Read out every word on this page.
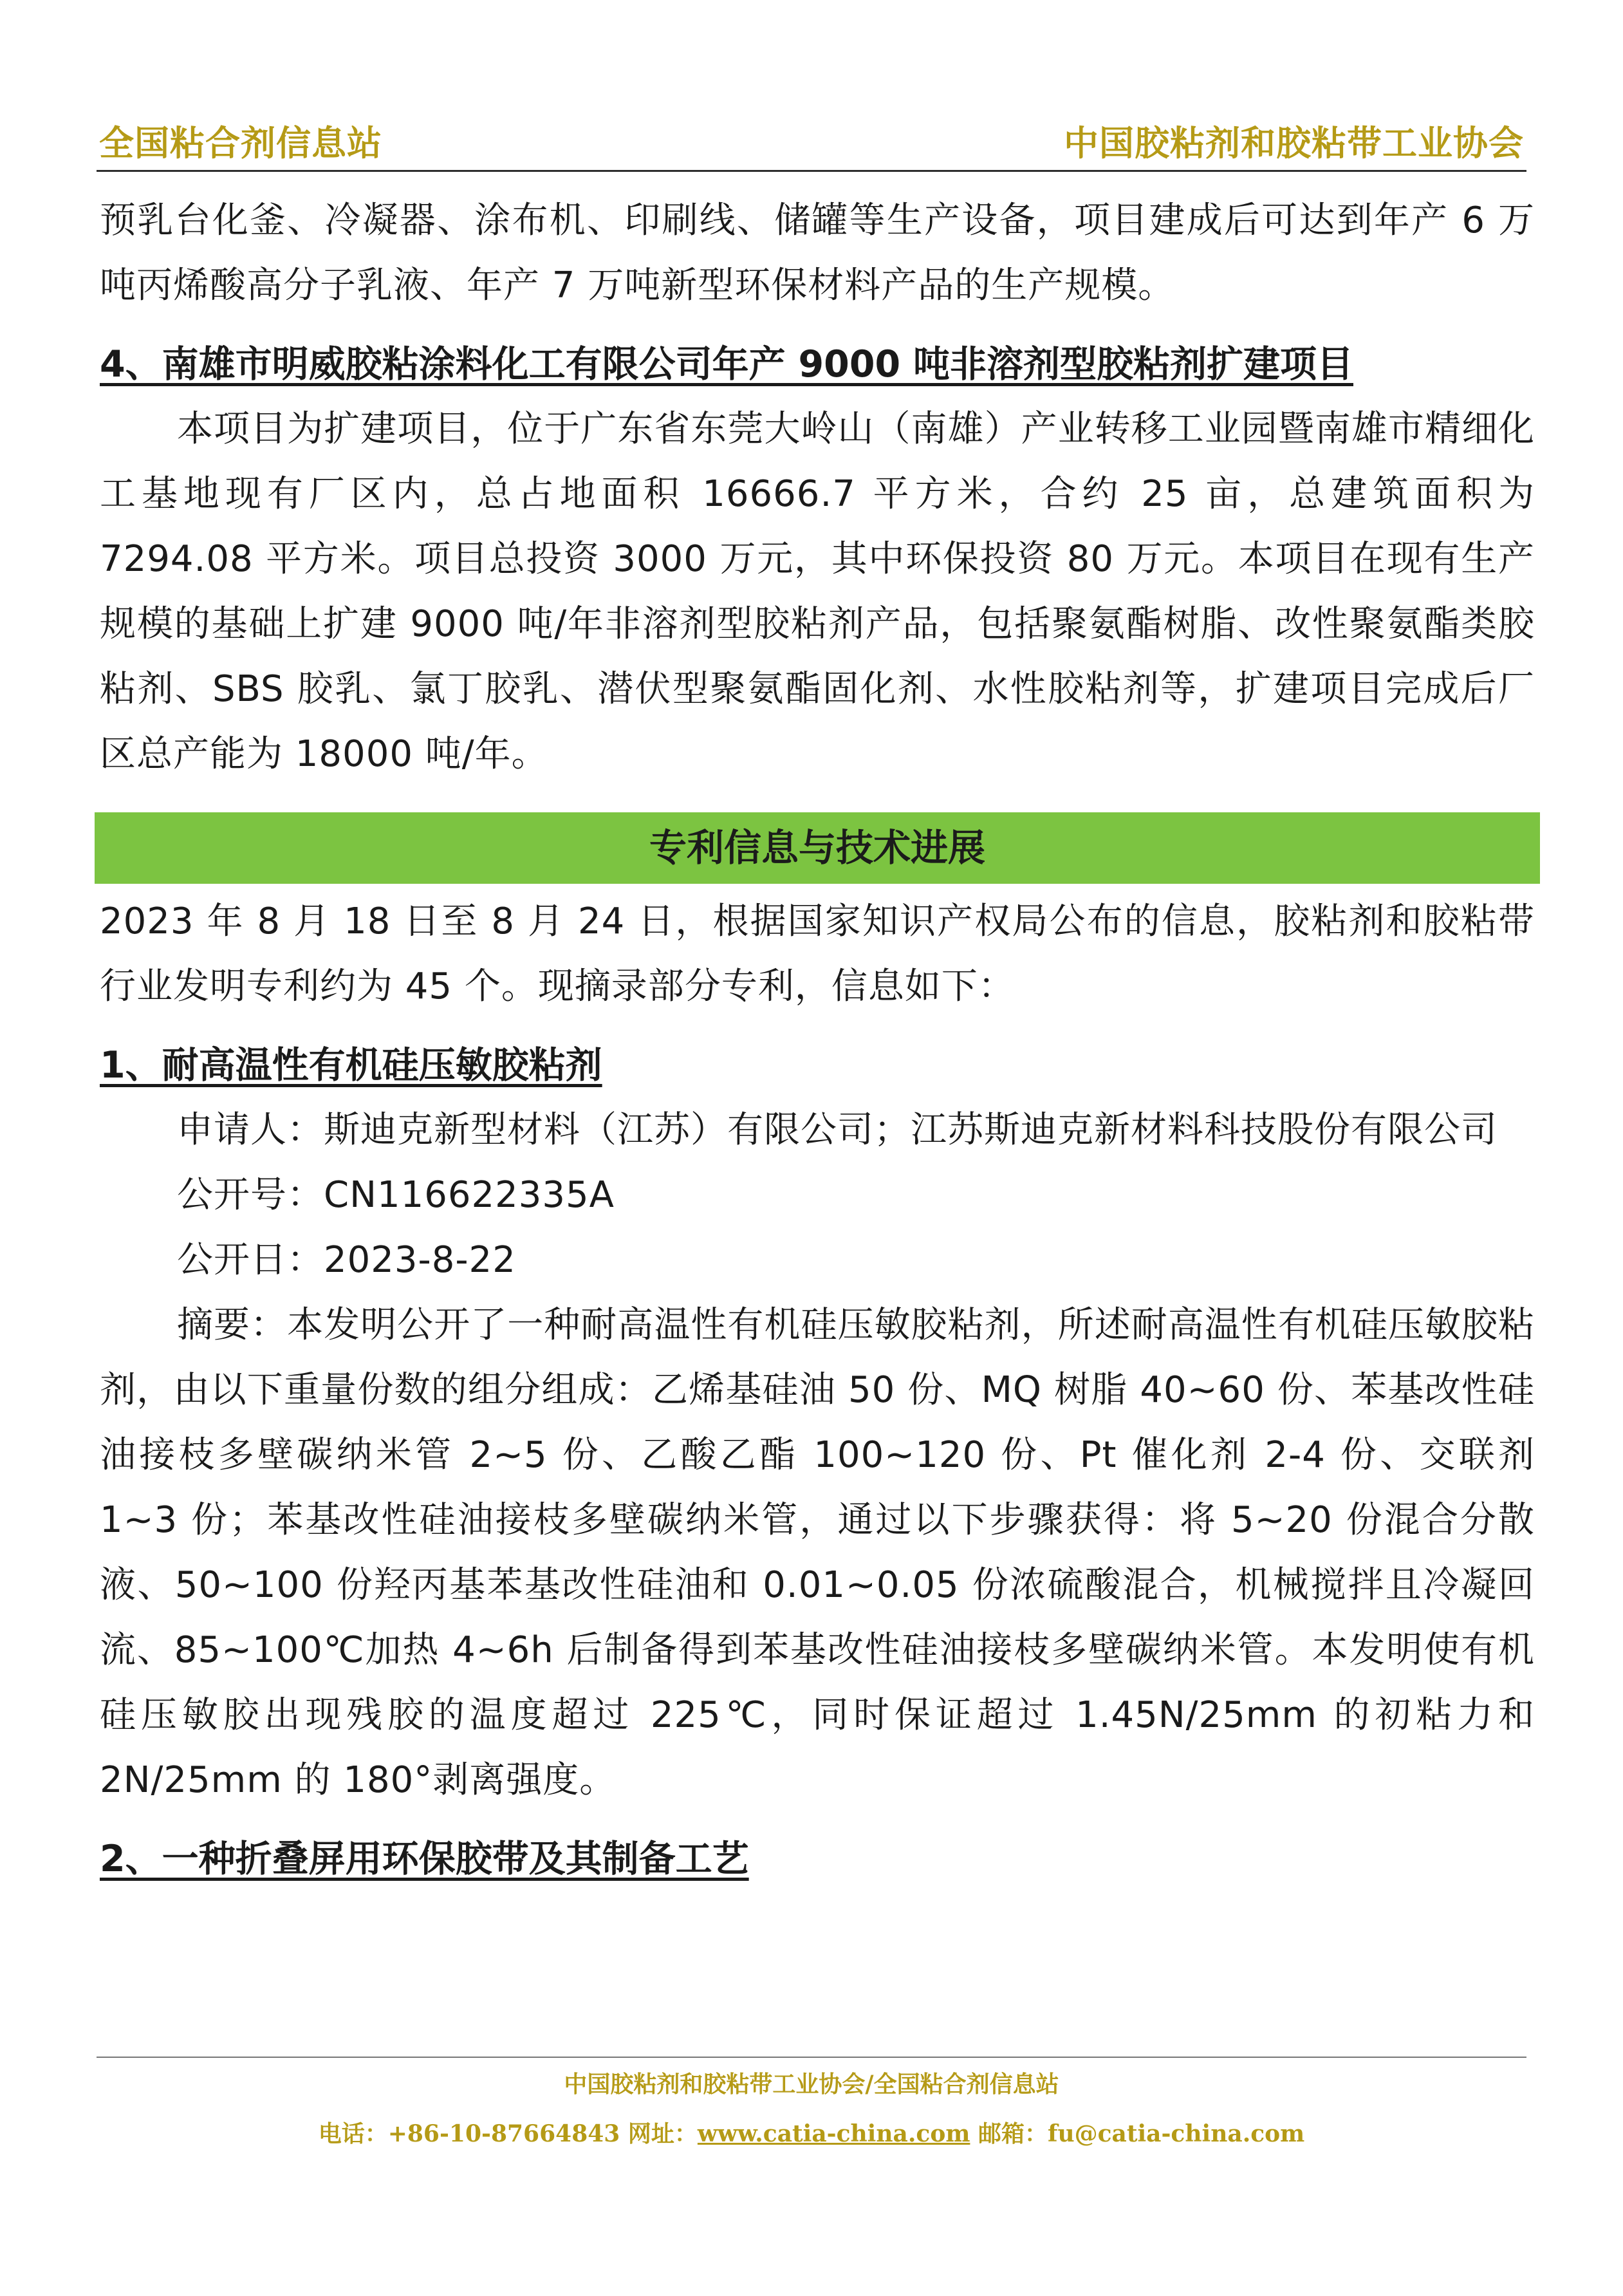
全国粘合剂信息站	中国胶粘剂和胶粘带工业协会

预乳台化釜、冷凝器、涂布机、印刷线、储罐等生产设备，项目建成后可达到年产 6 万吨丙烯酸高分子乳液、年产 7 万吨新型环保材料产品的生产规模。

4、南雄市明威胶粘涂料化工有限公司年产 9000 吨非溶剂型胶粘剂扩建项目

本项目为扩建项目，位于广东省东莞大岭山（南雄）产业转移工业园暨南雄市精细化工基地现有厂区内，总占地面积 16666.7 平方米，合约 25 亩，总建筑面积为 7294.08 平方米。项目总投资 3000 万元，其中环保投资 80 万元。本项目在现有生产规模的基础上扩建 9000 吨/年非溶剂型胶粘剂产品，包括聚氨酯树脂、改性聚氨酯类胶粘剂、SBS 胶乳、氯丁胶乳、潜伏型聚氨酯固化剂、水性胶粘剂等，扩建项目完成后厂区总产能为 18000 吨/年。

专利信息与技术进展

2023 年 8 月 18 日至 8 月 24 日，根据国家知识产权局公布的信息，胶粘剂和胶粘带行业发明专利约为 45 个。现摘录部分专利，信息如下：

1、耐高温性有机硅压敏胶粘剂

申请人：斯迪克新型材料（江苏）有限公司；江苏斯迪克新材料科技股份有限公司

公开号：CN116622335A

公开日：2023-8-22

摘要：本发明公开了一种耐高温性有机硅压敏胶粘剂，所述耐高温性有机硅压敏胶粘剂，由以下重量份数的组分组成：乙烯基硅油 50 份、MQ 树脂 40~60 份、苯基改性硅油接枝多壁碳纳米管 2~5 份、乙酸乙酯 100~120 份、Pt 催化剂 2-4 份、交联剂 1~3 份；苯基改性硅油接枝多壁碳纳米管，通过以下步骤获得：将 5~20 份混合分散液、50~100 份羟丙基苯基改性硅油和 0.01~0.05 份浓硫酸混合，机械搅拌且冷凝回流、85~100℃加热 4~6h 后制备得到苯基改性硅油接枝多壁碳纳米管。本发明使有机硅压敏胶出现残胶的温度超过 225℃，同时保证超过 1.45N/25mm 的初粘力和 2N/25mm 的 180°剥离强度。

2、一种折叠屏用环保胶带及其制备工艺

中国胶粘剂和胶粘带工业协会/全国粘合剂信息站
电话：+86-10-87664843 网址：www.catia-china.com 邮箱：fu@catia-china.com
